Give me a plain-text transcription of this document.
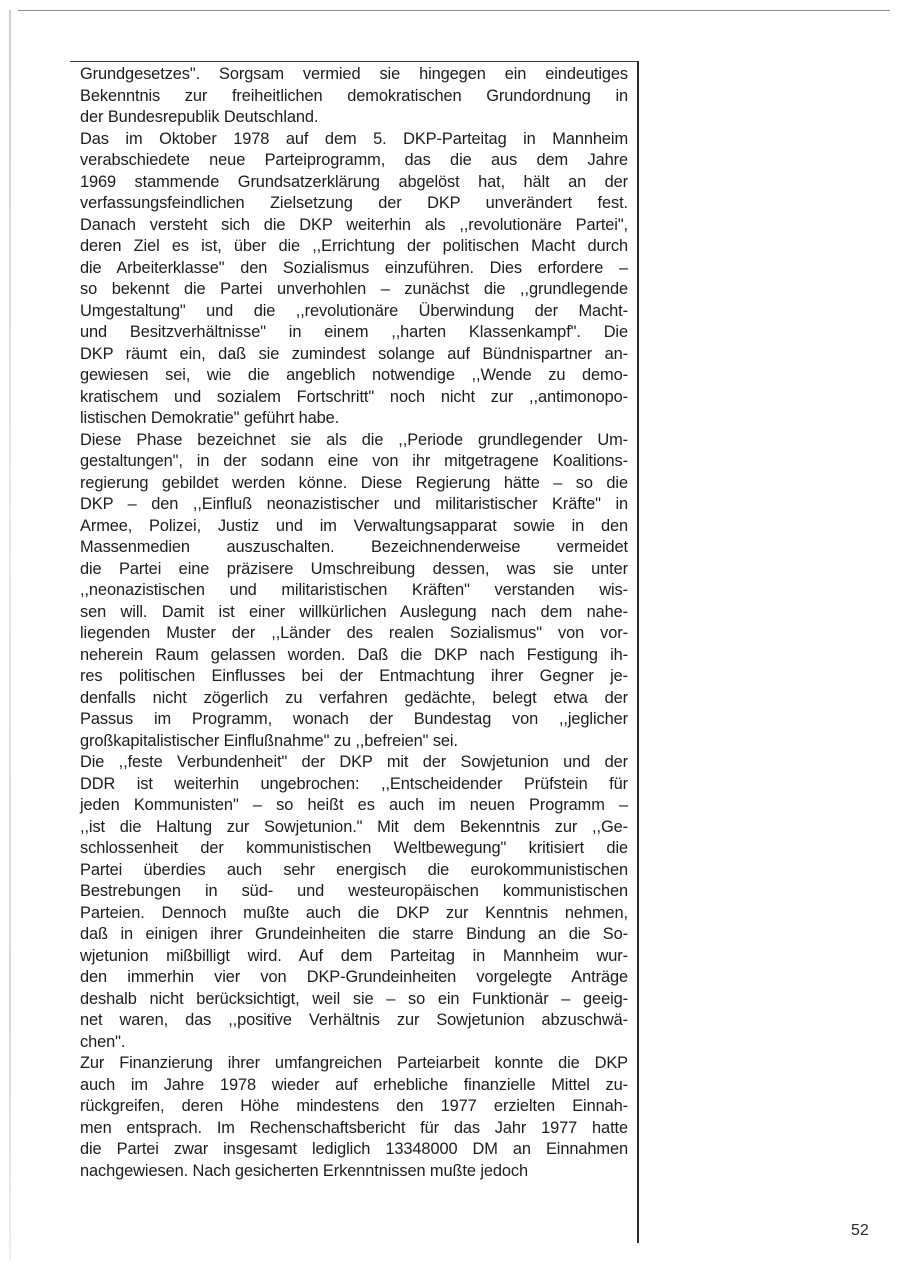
Grundgesetzes". Sorgsam vermied sie hingegen ein eindeutiges
Bekenntnis zur freiheitlichen demokratischen Grundordnung in
der Bundesrepublik Deutschland.
Das im Oktober 1978 auf dem 5. DKP-Parteitag in Mannheim
verabschiedete neue Parteiprogramm, das die aus dem Jahre
1969 stammende Grundsatzerklärung abgelöst hat, hält an der
verfassungsfeindlichen Zielsetzung der DKP unverändert fest.
Danach versteht sich die DKP weiterhin als ,,revolutionäre Partei",
deren Ziel es ist, über die ,,Errichtung der politischen Macht durch
die Arbeiterklasse" den Sozialismus einzuführen. Dies erfordere –
so bekennt die Partei unverhohlen – zunächst die ,,grundlegende
Umgestaltung" und die ,,revolutionäre Überwindung der Macht-
und Besitzverhältnisse" in einem ,,harten Klassenkampf". Die
DKP räumt ein, daß sie zumindest solange auf Bündnispartner an-
gewiesen sei, wie die angeblich notwendige ,,Wende zu demo-
kratischem und sozialem Fortschritt" noch nicht zur ,,antimonopo-
listischen Demokratie" geführt habe.
Diese Phase bezeichnet sie als die ,,Periode grundlegender Um-
gestaltungen", in der sodann eine von ihr mitgetragene Koalitions-
regierung gebildet werden könne. Diese Regierung hätte – so die
DKP – den ,,Einfluß neonazistischer und militaristischer Kräfte" in
Armee, Polizei, Justiz und im Verwaltungsapparat sowie in den
Massenmedien auszuschalten. Bezeichnenderweise vermeidet
die Partei eine präzisere Umschreibung dessen, was sie unter
,,neonazistischen und militaristischen Kräften" verstanden wis-
sen will. Damit ist einer willkürlichen Auslegung nach dem nahe-
liegenden Muster der ,,Länder des realen Sozialismus" von vor-
neherein Raum gelassen worden. Daß die DKP nach Festigung ih-
res politischen Einflusses bei der Entmachtung ihrer Gegner je-
denfalls nicht zögerlich zu verfahren gedächte, belegt etwa der
Passus im Programm, wonach der Bundestag von ,,jeglicher
großkapitalistischer Einflußnahme" zu ,,befreien" sei.
Die ,,feste Verbundenheit" der DKP mit der Sowjetunion und der
DDR ist weiterhin ungebrochen: ,,Entscheidender Prüfstein für
jeden Kommunisten" – so heißt es auch im neuen Programm –
,,ist die Haltung zur Sowjetunion." Mit dem Bekenntnis zur ,,Ge-
schlossenheit der kommunistischen Weltbewegung" kritisiert die
Partei überdies auch sehr energisch die eurokommunistischen
Bestrebungen in süd- und westeuropäischen kommunistischen
Parteien. Dennoch mußte auch die DKP zur Kenntnis nehmen,
daß in einigen ihrer Grundeinheiten die starre Bindung an die So-
wjetunion mißbilligt wird. Auf dem Parteitag in Mannheim wur-
den immerhin vier von DKP-Grundeinheiten vorgelegte Anträge
deshalb nicht berücksichtigt, weil sie – so ein Funktionär – geeig-
net waren, das ,,positive Verhältnis zur Sowjetunion abzuschwä-
chen".
Zur Finanzierung ihrer umfangreichen Parteiarbeit konnte die DKP
auch im Jahre 1978 wieder auf erhebliche finanzielle Mittel zu-
rückgreifen, deren Höhe mindestens den 1977 erzielten Einnah-
men entsprach. Im Rechenschaftsbericht für das Jahr 1977 hatte
die Partei zwar insgesamt lediglich 13348000 DM an Einnahmen
nachgewiesen. Nach gesicherten Erkenntnissen mußte jedoch
52
